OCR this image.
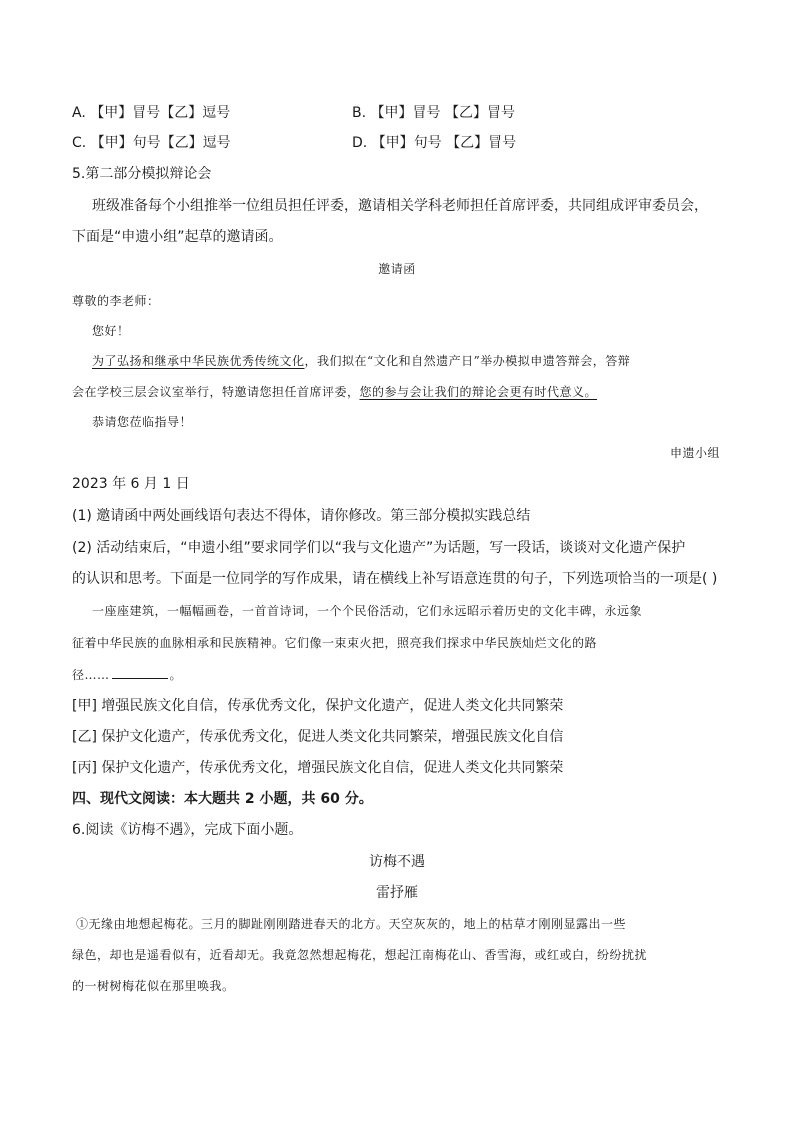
A. 【甲】冒号【乙】逗号	B. 【甲】冒号 【乙】冒号
C. 【甲】句号【乙】逗号	D. 【甲】句号 【乙】冒号
5.第二部分模拟辩论会
班级准备每个小组推举一位组员担任评委，邀请相关学科老师担任首席评委，共同组成评审委员会，
下面是“申遗小组”起草的邀请函。
邀请函
尊敬的李老师：
您好！
为了弘扬和继承中华民族优秀传统文化，我们拟在“文化和自然遗产日”举办模拟申遗答辩会，答辩
会在学校三层会议室举行，特邀请您担任首席评委，您的参与会让我们的辩论会更有时代意义。
恭请您莅临指导！
申遗小组
2023 年 6 月 1 日
(1) 邀请函中两处画线语句表达不得体，请你修改。第三部分模拟实践总结
(2) 活动结束后，“申遗小组”要求同学们以“我与文化遗产”为话题，写一段话，谈谈对文化遗产保护
的认识和思考。下面是一位同学的写作成果，请在横线上补写语意连贯的句子，下列选项恰当的一项是( )
一座座建筑，一幅幅画卷，一首首诗词，一个个民俗活动，它们永远昭示着历史的文化丰碑，永远象
征着中华民族的血脉相承和民族精神。它们像一束束火把，照亮我们探求中华民族灿烂文化的路
径……	。
[甲] 增强民族文化自信，传承优秀文化，保护文化遗产，促进人类文化共同繁荣
[乙] 保护文化遗产，传承优秀文化，促进人类文化共同繁荣，增强民族文化自信
[丙] 保护文化遗产，传承优秀文化，增强民族文化自信，促进人类文化共同繁荣
四、现代文阅读：本大题共 2 小题，共 60 分。
6.阅读《访梅不遇》，完成下面小题。
访梅不遇
雷抒雁
①无缘由地想起梅花。三月的脚趾刚刚踏进春天的北方。天空灰灰的，地上的枯草才刚刚显露出一些
绿色，却也是遥看似有，近看却无。我竟忽然想起梅花，想起江南梅花山、香雪海，或红或白，纷纷扰扰
的一树树梅花似在那里唤我。
